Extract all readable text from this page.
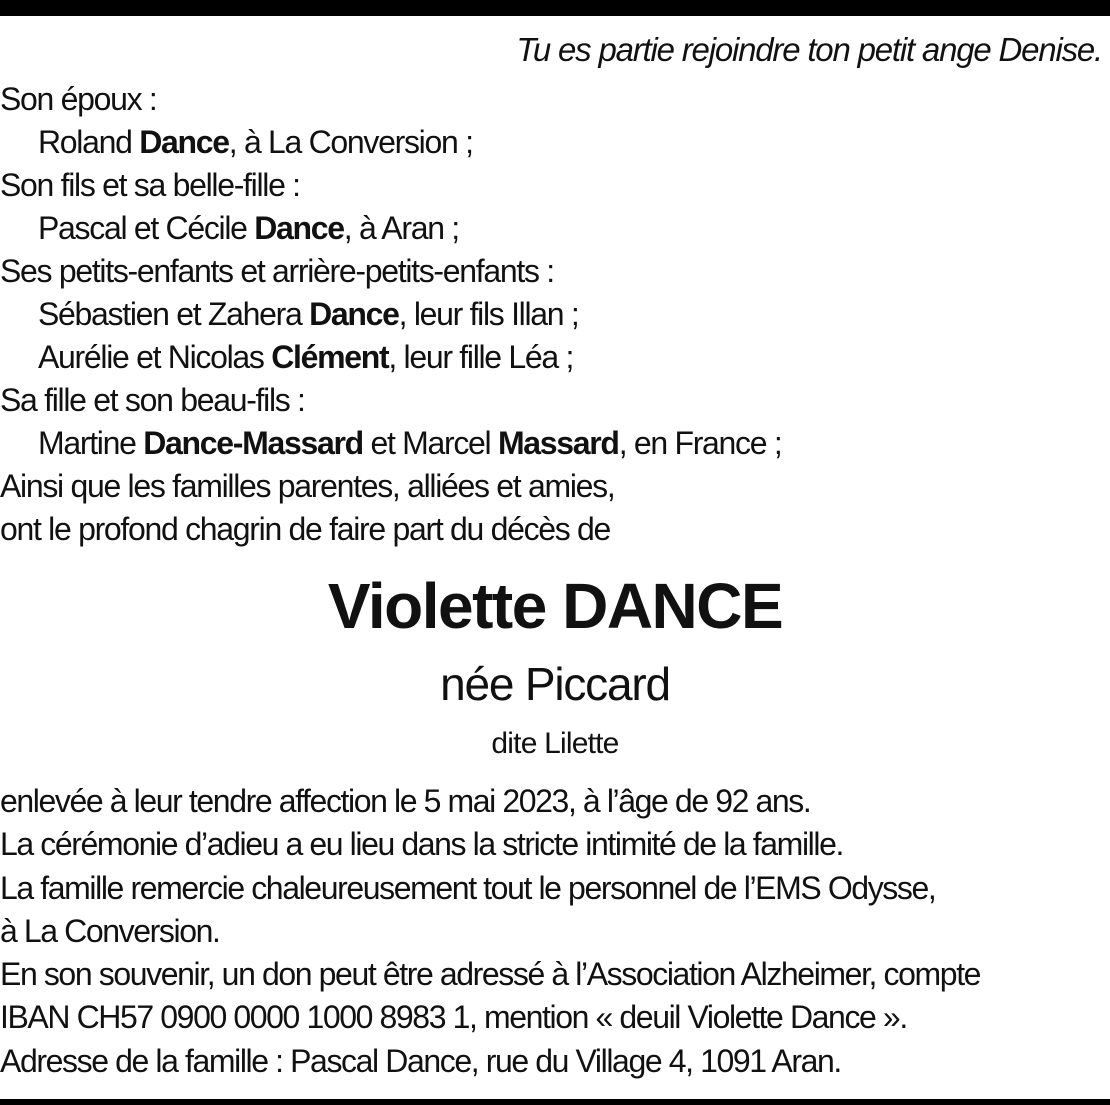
Tu es partie rejoindre ton petit ange Denise.
Son époux :
Roland Dance, à La Conversion ;
Son fils et sa belle-fille :
Pascal et Cécile Dance, à Aran ;
Ses petits-enfants et arrière-petits-enfants :
Sébastien et Zahera Dance, leur fils Illan ;
Aurélie et Nicolas Clément, leur fille Léa ;
Sa fille et son beau-fils :
Martine Dance-Massard et Marcel Massard, en France ;
Ainsi que les familles parentes, alliées et amies,
ont le profond chagrin de faire part du décès de
Violette DANCE
née Piccard
dite Lilette
enlevée à leur tendre affection le 5 mai 2023, à l’âge de 92 ans.
La cérémonie d’adieu a eu lieu dans la stricte intimité de la famille.
La famille remercie chaleureusement tout le personnel de l’EMS Odysse,
à La Conversion.
En son souvenir, un don peut être adressé à l’Association Alzheimer, compte
IBAN CH57 0900 0000 1000 8983 1, mention « deuil Violette Dance ».
Adresse de la famille : Pascal Dance, rue du Village 4, 1091 Aran.
